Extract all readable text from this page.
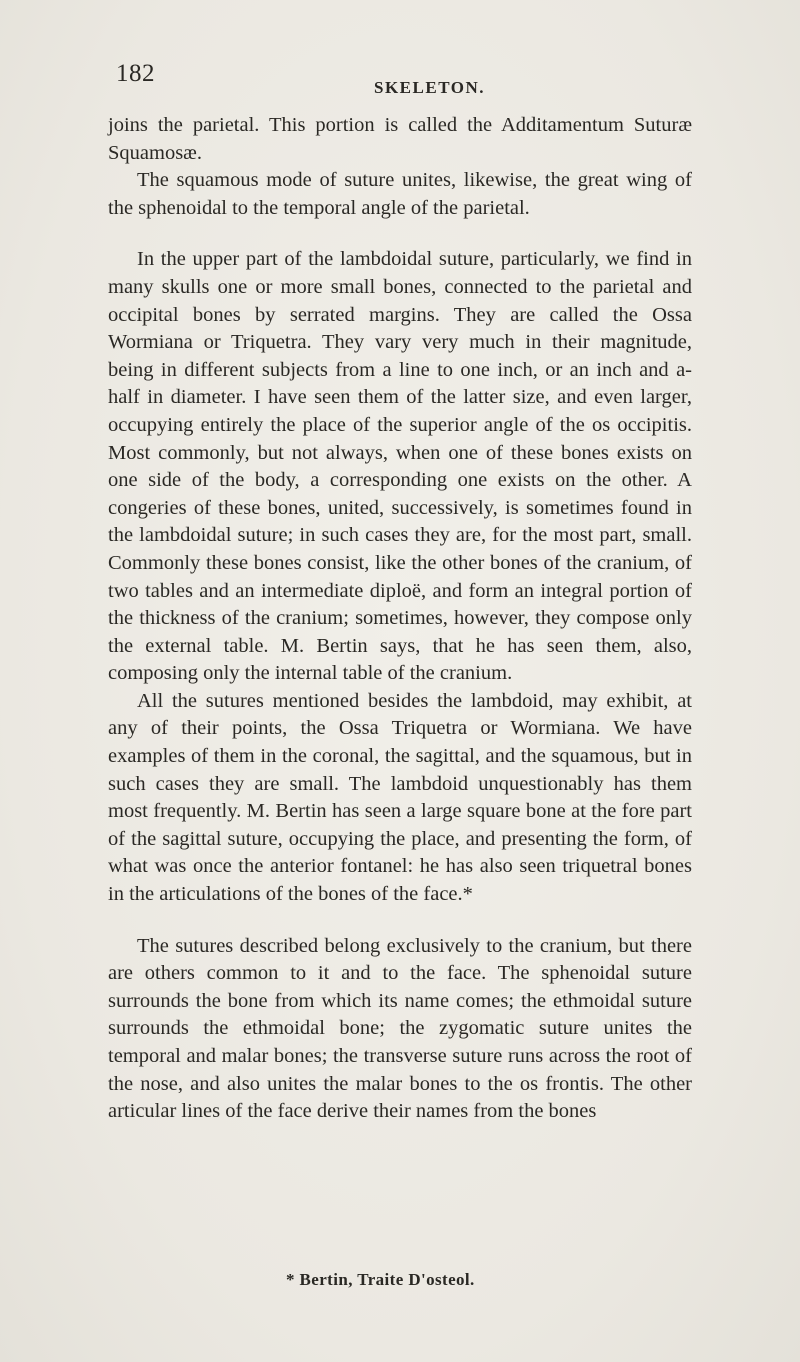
182
SKELETON.

joins the parietal. This portion is called the Additamentum Suturæ Squamosæ.

The squamous mode of suture unites, likewise, the great wing of the sphenoidal to the temporal angle of the parietal.

In the upper part of the lambdoidal suture, particularly, we find in many skulls one or more small bones, connected to the parietal and occipital bones by serrated margins. They are called the Ossa Wormiana or Triquetra. They vary very much in their magnitude, being in different subjects from a line to one inch, or an inch and a-half in diameter. I have seen them of the latter size, and even larger, occupying entirely the place of the superior angle of the os occipitis. Most commonly, but not always, when one of these bones exists on one side of the body, a corresponding one exists on the other. A congeries of these bones, united, successively, is sometimes found in the lambdoidal suture; in such cases they are, for the most part, small. Commonly these bones consist, like the other bones of the cranium, of two tables and an intermediate diploë, and form an integral portion of the thickness of the cranium; sometimes, however, they compose only the external table. M. Bertin says, that he has seen them, also, composing only the internal table of the cranium.

All the sutures mentioned besides the lambdoid, may exhibit, at any of their points, the Ossa Triquetra or Wormiana. We have examples of them in the coronal, the sagittal, and the squamous, but in such cases they are small. The lambdoid unquestionably has them most frequently. M. Bertin has seen a large square bone at the fore part of the sagittal suture, occupying the place, and presenting the form, of what was once the anterior fontanel: he has also seen triquetral bones in the articulations of the bones of the face.*

The sutures described belong exclusively to the cranium, but there are others common to it and to the face. The sphenoidal suture surrounds the bone from which its name comes; the ethmoidal suture surrounds the ethmoidal bone; the zygomatic suture unites the temporal and malar bones; the transverse suture runs across the root of the nose, and also unites the malar bones to the os frontis. The other articular lines of the face derive their names from the bones

* Bertin, Traite D'osteol.
